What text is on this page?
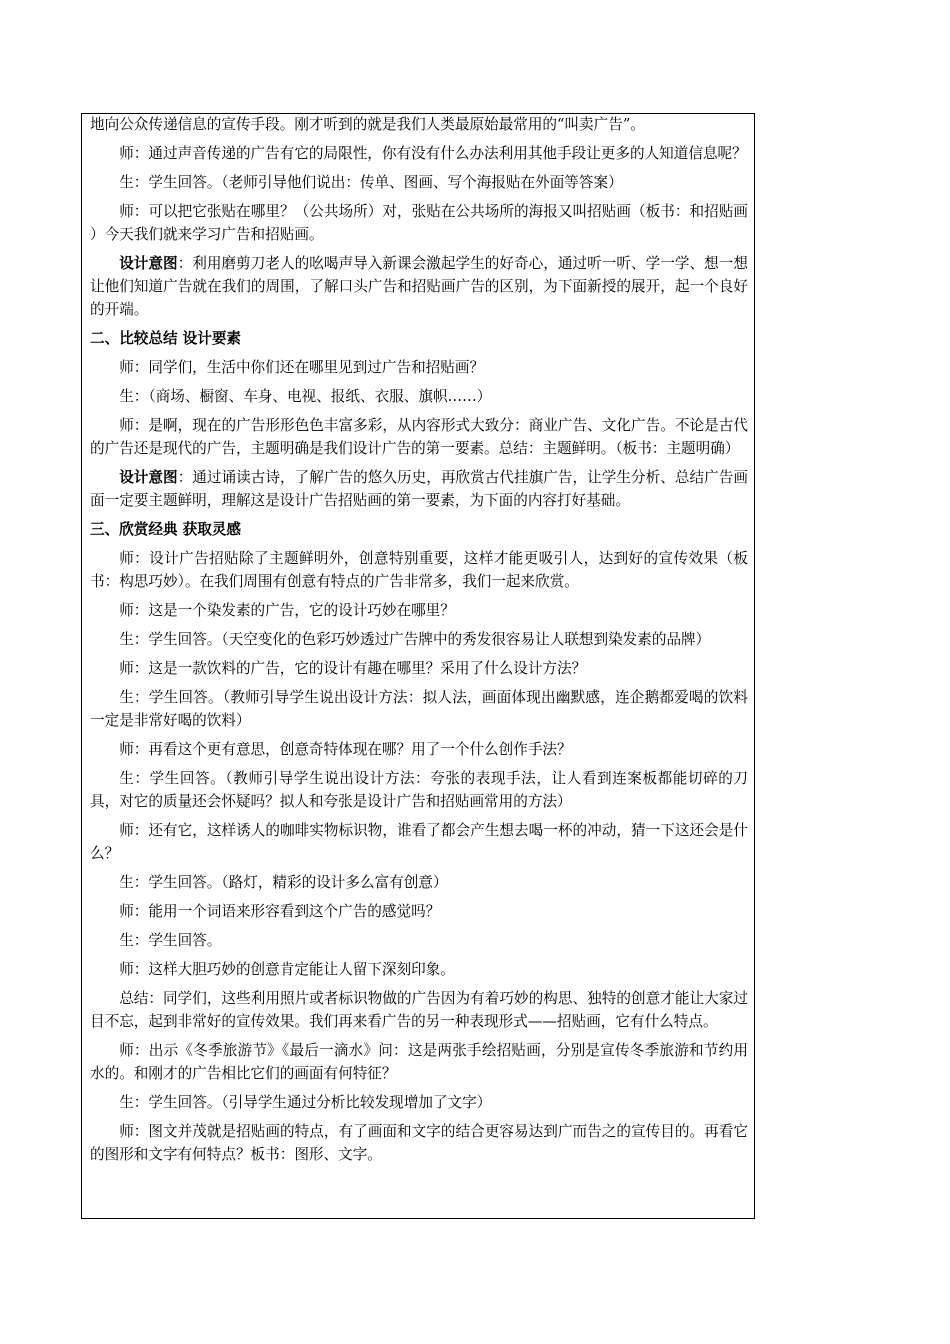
地向公众传递信息的宣传手段。刚才听到的就是我们人类最原始最常用的“叫卖广告”。

师：通过声音传递的广告有它的局限性，你有没有什么办法利用其他手段让更多的人知道信息呢？

生：学生回答。（老师引导他们说出：传单、图画、写个海报贴在外面等答案）

师：可以把它张贴在哪里？（公共场所）对，张贴在公共场所的海报又叫招贴画（板书：和招贴画 ）今天我们就来学习广告和招贴画。

设计意图：利用磨剪刀老人的吆喝声导入新课会激起学生的好奇心，通过听一听、学一学、想一想让他们知道广告就在我们的周围，了解口头广告和招贴画广告的区别，为下面新授的展开，起一个良好的开端。

二、比较总结 设计要素

师：同学们，生活中你们还在哪里见到过广告和招贴画？

生：（商场、橱窗、车身、电视、报纸、衣服、旗帜……）

师：是啊，现在的广告形形色色丰富多彩，从内容形式大致分：商业广告、文化广告。不论是古代的广告还是现代的广告，主题明确是我们设计广告的第一要素。总结：主题鲜明。（板书：主题明确）

设计意图：通过诵读古诗，了解广告的悠久历史，再欣赏古代挂旗广告，让学生分析、总结广告画面一定要主题鲜明，理解这是设计广告招贴画的第一要素，为下面的内容打好基础。

三、欣赏经典 获取灵感

师：设计广告招贴除了主题鲜明外，创意特别重要，这样才能更吸引人，达到好的宣传效果（板书：构思巧妙）。在我们周围有创意有特点的广告非常多，我们一起来欣赏。

师：这是一个染发素的广告，它的设计巧妙在哪里？

生：学生回答。（天空变化的色彩巧妙透过广告牌中的秀发很容易让人联想到染发素的品牌）

师：这是一款饮料的广告，它的设计有趣在哪里？采用了什么设计方法？

生：学生回答。（教师引导学生说出设计方法：拟人法，画面体现出幽默感，连企鹅都爱喝的饮料一定是非常好喝的饮料）

师：再看这个更有意思，创意奇特体现在哪？用了一个什么创作手法？

生：学生回答。（教师引导学生说出设计方法：夸张的表现手法，让人看到连案板都能切碎的刀具，对它的质量还会怀疑吗？拟人和夸张是设计广告和招贴画常用的方法）

师：还有它，这样诱人的咖啡实物标识物，谁看了都会产生想去喝一杯的冲动，猜一下这还会是什么？

生：学生回答。（路灯，精彩的设计多么富有创意）

师：能用一个词语来形容看到这个广告的感觉吗？

生：学生回答。

师：这样大胆巧妙的创意肯定能让人留下深刻印象。

总结：同学们，这些利用照片或者标识物做的广告因为有着巧妙的构思、独特的创意才能让大家过目不忘，起到非常好的宣传效果。我们再来看广告的另一种表现形式——招贴画，它有什么特点。

师：出示《冬季旅游节》《最后一滴水》问：这是两张手绘招贴画，分别是宣传冬季旅游和节约用水的。和刚才的广告相比它们的画面有何特征？

生：学生回答。（引导学生通过分析比较发现增加了文字）

师：图文并茂就是招贴画的特点，有了画面和文字的结合更容易达到广而告之的宣传目的。再看它的图形和文字有何特点？板书：图形、文字。
